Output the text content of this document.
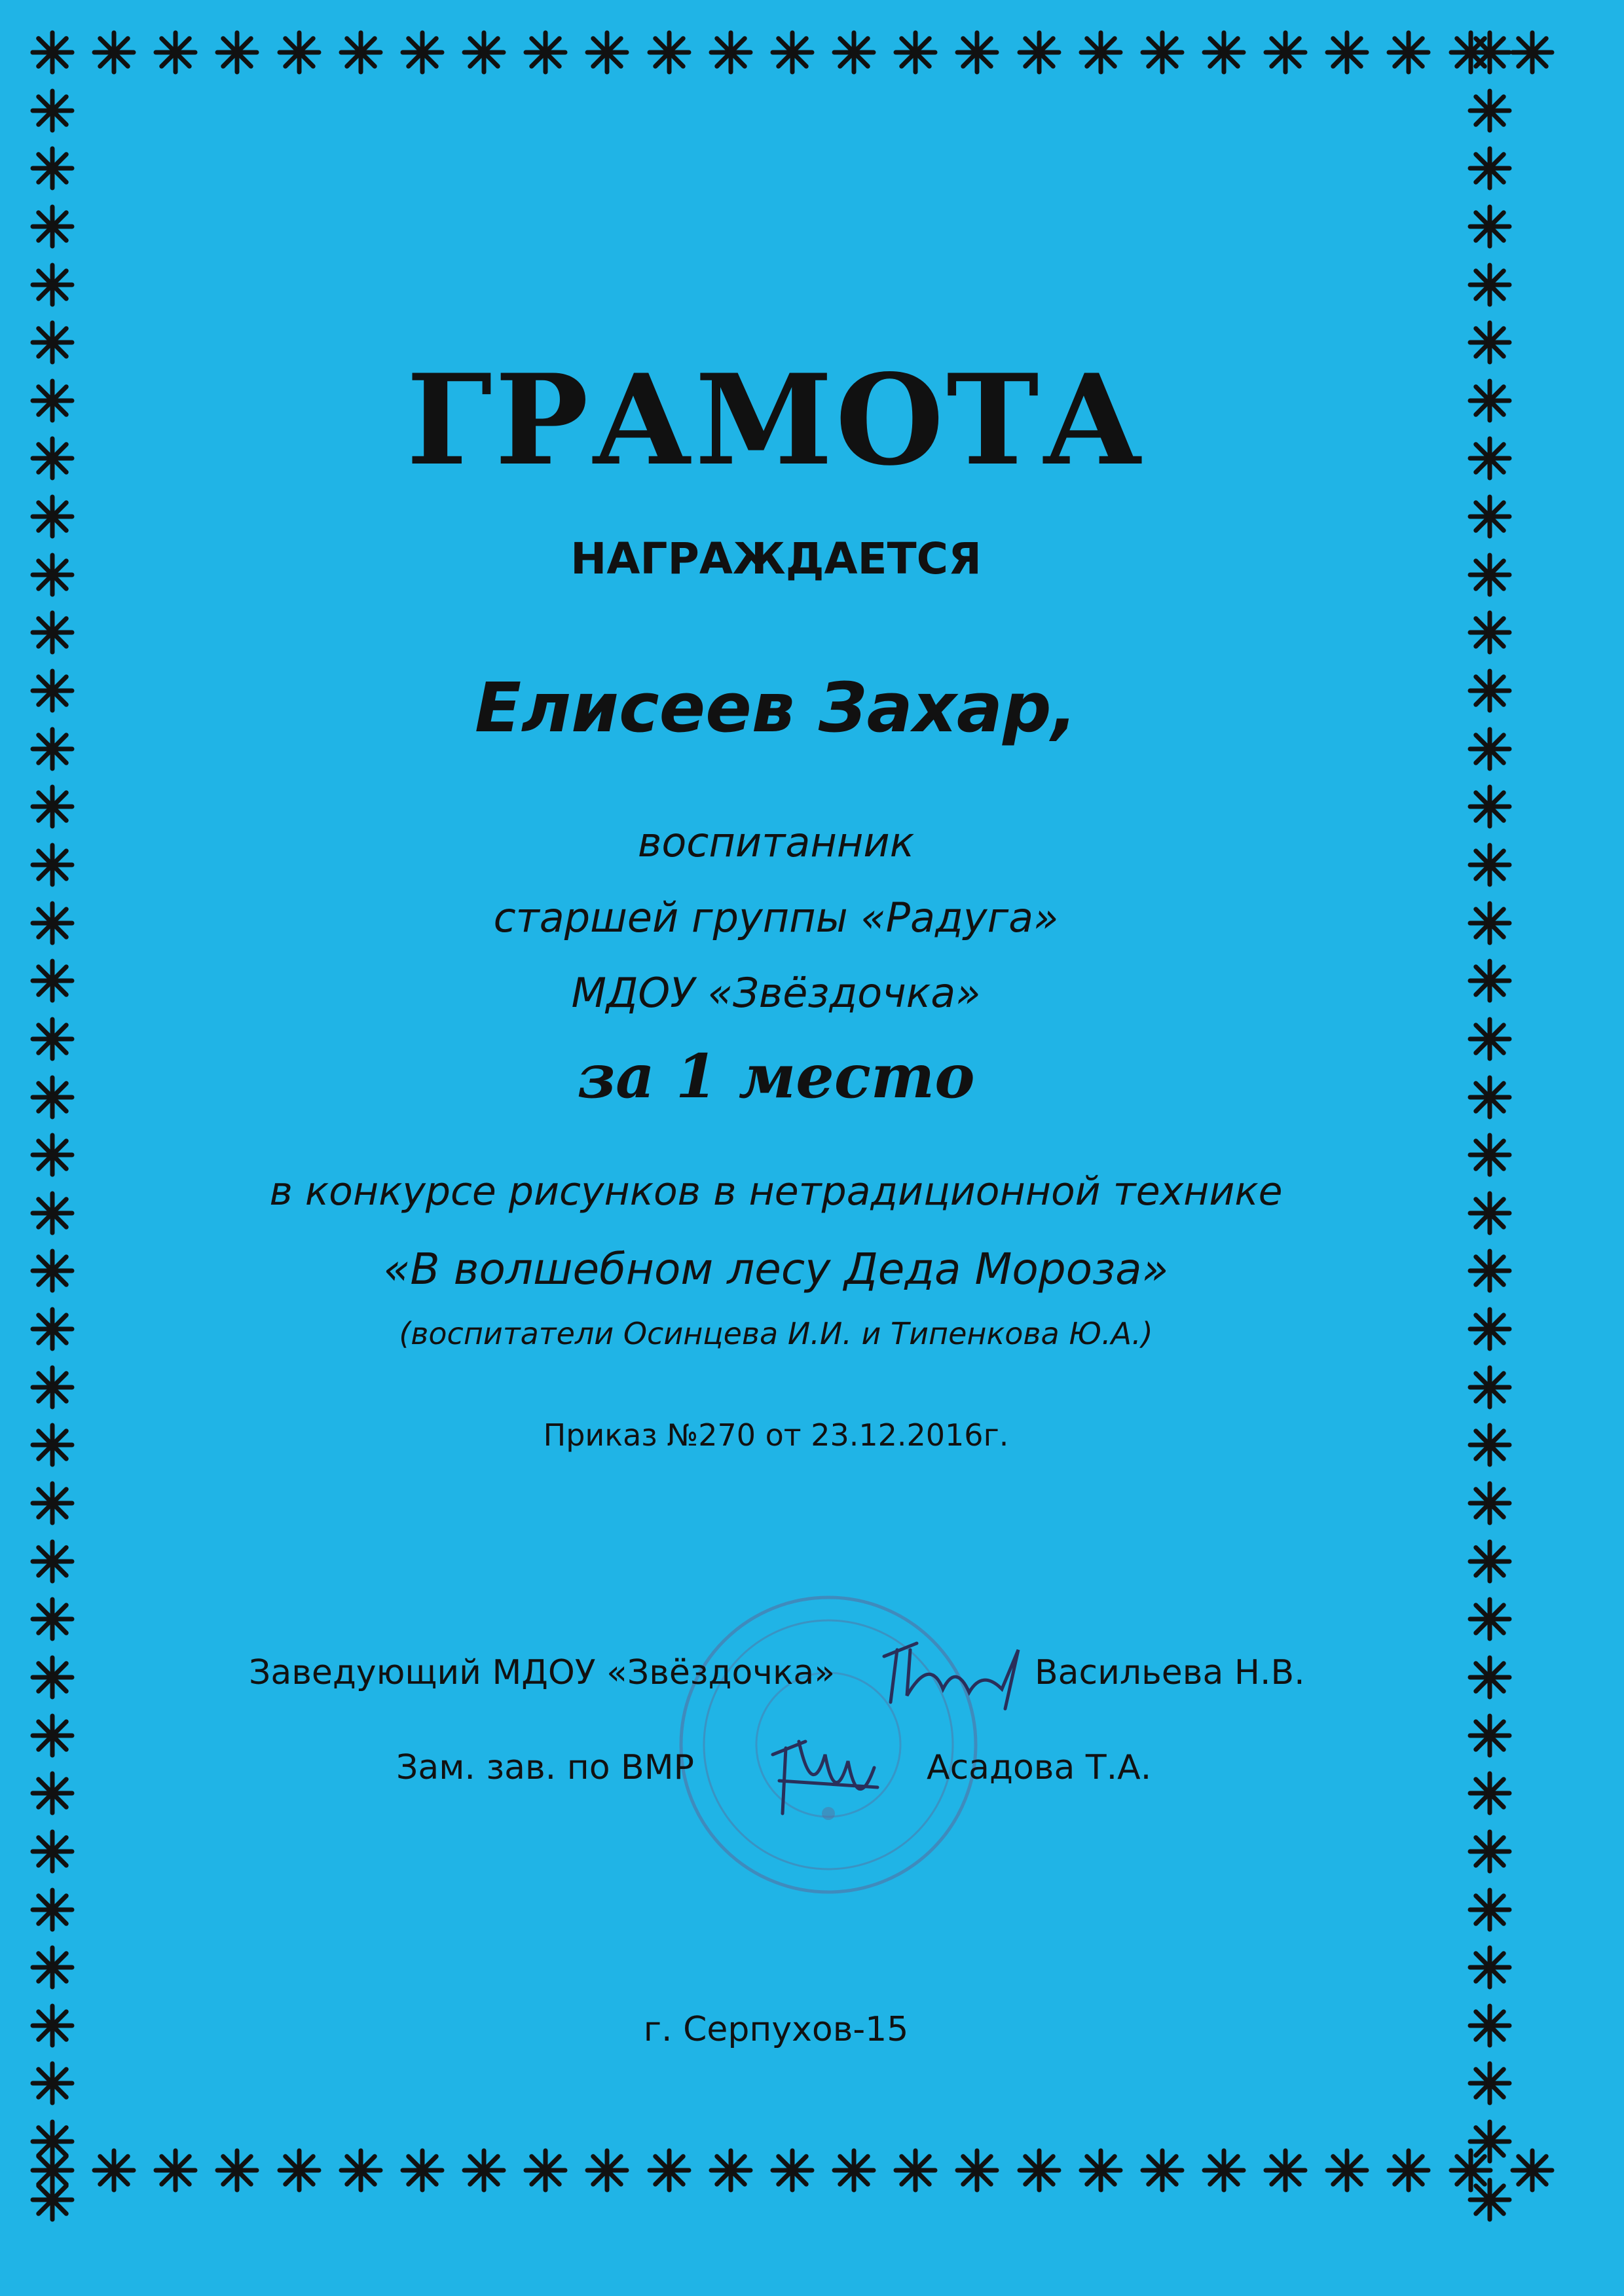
ГРАМОТА
НАГРАЖДАЕТСЯ
Елисеев Захар,
воспитанник
старшей группы «Радуга»
МДОУ «Звёздочка»
за 1 место
в конкурсе рисунков в нетрадиционной технике
«В волшебном лесу Деда Мороза»
(воспитатели Осинцева И.И. и Типенкова Ю.А.)
Приказ №270 от 23.12.2016г.
Заведующий МДОУ «Звёздочка»	Васильева Н.В.
Зам. зав. по ВМР	Асадова Т.А.
г. Серпухов-15
